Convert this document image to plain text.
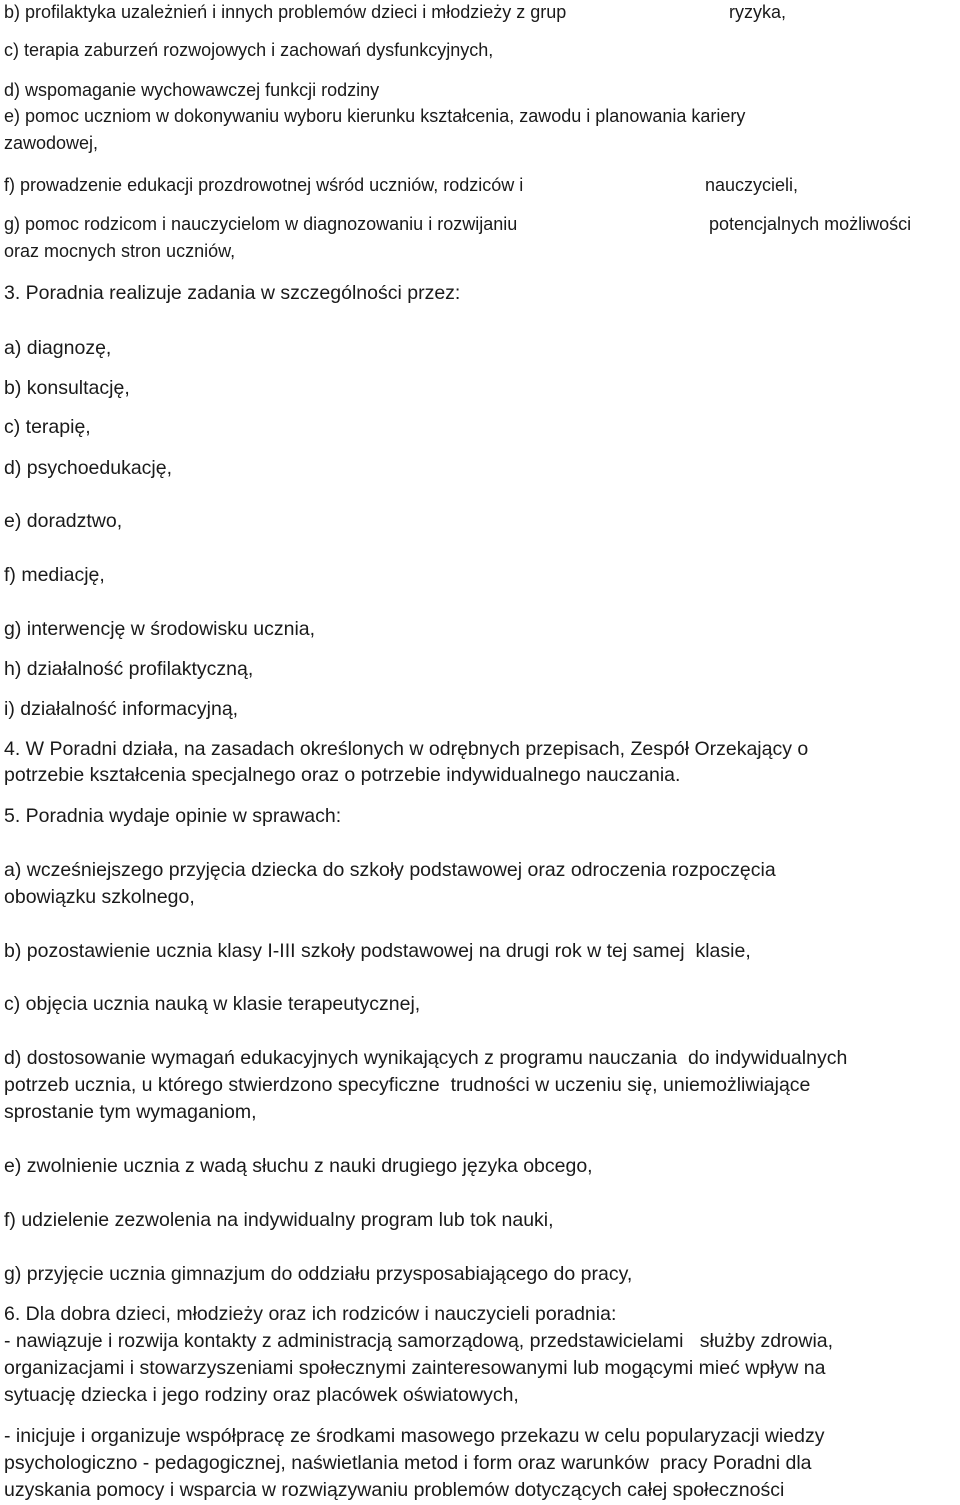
b) profilaktyka uzależnień i innych problemów dzieci i młodzieży z grup	ryzyka,

c) terapia zaburzeń rozwojowych i zachowań dysfunkcyjnych,

d) wspomaganie wychowawczej funkcji rodziny

e) pomoc uczniom w dokonywaniu wyboru kierunku kształcenia, zawodu i planowania kariery

zawodowej,

f) prowadzenie edukacji prozdrowotnej wśród uczniów, rodziców i	nauczycieli,

g) pomoc rodzicom i nauczycielom w diagnozowaniu i rozwijaniu	potencjalnych możliwości

oraz mocnych stron uczniów,

3. Poradnia realizuje zadania w szczególności przez:

a) diagnozę,

b) konsultację,

c) terapię,

d) psychoedukację,

e) doradztwo,

f) mediację,

g) interwencję w środowisku ucznia,

h) działalność profilaktyczną,

i) działalność informacyjną,

4. W Poradni działa, na zasadach określonych w odrębnych przepisach, Zespół Orzekający o

potrzebie kształcenia specjalnego oraz o potrzebie indywidualnego nauczania.

5. Poradnia wydaje opinie w sprawach:

a) wcześniejszego przyjęcia dziecka do szkoły podstawowej oraz odroczenia rozpoczęcia

obowiązku szkolnego,

b) pozostawienie ucznia klasy I-III szkoły podstawowej na drugi rok w tej samej  klasie,

c) objęcia ucznia nauką w klasie terapeutycznej,

d) dostosowanie wymagań edukacyjnych wynikających z programu nauczania  do indywidualnych

potrzeb ucznia, u którego stwierdzono specyficzne  trudności w uczeniu się, uniemożliwiające

sprostanie tym wymaganiom,

e) zwolnienie ucznia z wadą słuchu z nauki drugiego języka obcego,

f) udzielenie zezwolenia na indywidualny program lub tok nauki,

g) przyjęcie ucznia gimnazjum do oddziału przysposabiającego do pracy,

6. Dla dobra dzieci, młodzieży oraz ich rodziców i nauczycieli poradnia:

- nawiązuje i rozwija kontakty z administracją samorządową, przedstawicielami   służby zdrowia,

organizacjami i stowarzyszeniami społecznymi zainteresowanymi lub mogącymi mieć wpływ na

sytuację dziecka i jego rodziny oraz placówek oświatowych,

- inicjuje i organizuje współpracę ze środkami masowego przekazu w celu popularyzacji wiedzy

psychologiczno - pedagogicznej, naświetlania metod i form oraz warunków  pracy Poradni dla

uzyskania pomocy i wsparcia w rozwiązywaniu problemów dotyczących całej społeczności
